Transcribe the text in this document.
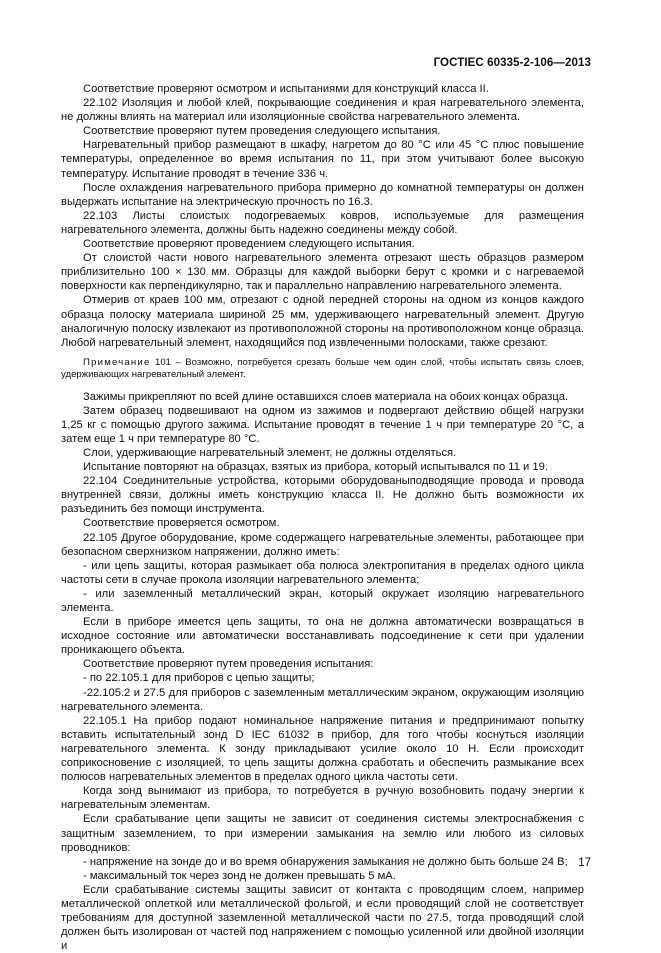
ГОСТIEC 60335-2-106—2013

Соответствие проверяют осмотром и испытаниями для конструкций класса II.

22.102 Изоляция и любой клей, покрывающие соединения и края нагревательного элемента, не должны влиять на материал или изоляционные свойства нагревательного элемента.

Соответствие проверяют путем проведения следующего испытания.

Нагревательный прибор размещают в шкафу, нагретом до 80 °С или 45 °С плюс повышение температуры, определенное во время испытания по 11, при этом учитывают более высокую температуру. Испытание проводят в течение 336 ч.

После охлаждения нагревательного прибора примерно до комнатной температуры он должен выдержать испытание на электрическую прочность по 16.3.

22.103 Листы слоистых подогреваемых ковров, используемые для размещения нагревательного элемента, должны быть надежно соединены между собой.

Соответствие проверяют проведением следующего испытания.

От слоистой части нового нагревательного элемента отрезают шесть образцов размером приблизительно 100 × 130 мм. Образцы для каждой выборки берут с кромки и с нагреваемой поверхности как перпендикулярно, так и параллельно направлению нагревательного элемента.

Отмерив от краев 100 мм, отрезают с одной передней стороны на одном из концов каждого образца полоску материала шириной 25 мм, удерживающего нагревательный элемент. Другую аналогичную полоску извлекают из противоположной стороны на противоположном конце образца. Любой нагревательный элемент, находящийся под извлеченными полосками, также срезают.

Примечание 101 – Возможно, потребуется срезать больше чем один слой, чтобы испытать связь слоев, удерживающих нагревательный элемент.

Зажимы прикрепляют по всей длине оставшихся слоев материала на обоих концах образца.

Затем образец подвешивают на одном из зажимов и подвергают действию общей нагрузки 1,25 кг с помощью другого зажима. Испытание проводят в течение 1 ч при температуре 20 °С, а затем еще 1 ч при температуре 80 °С.

Слои, удерживающие нагревательный элемент, не должны отделяться.

Испытание повторяют на образцах, взятых из прибора, который испытывался по 11 и 19.

22.104 Соединительные устройства, которыми оборудованыподводящие провода и провода внутренней связи, должны иметь конструкцию класса II. Не должно быть возможности их разъединить без помощи инструмента.

Соответствие проверяется осмотром.

22.105 Другое оборудование, кроме содержащего нагревательные элементы, работающее при безопасном сверхнизком напряжении, должно иметь:

- или цепь защиты, которая размыкает оба полюса электропитания в пределах одного цикла частоты сети в случае прокола изоляции нагревательного элемента;

- или заземленный металлический экран, который окружает изоляцию нагревательного элемента.

Если в приборе имеется цепь защиты, то она не должна автоматически возвращаться в исходное состояние или автоматически восстанавливать подсоединение к сети при удалении проникающего объекта.

Соответствие проверяют путем проведения испытания:

- по 22.105.1 для приборов с цепью защиты;

-22.105.2 и 27.5 для приборов с заземленным металлическим экраном, окружающим изоляцию нагревательного элемента.

22.105.1 На прибор подают номинальное напряжение питания и предпринимают попытку вставить испытательный зонд D IEC 61032 в прибор, для того чтобы коснуться изоляции нагревательного элемента. К зонду прикладывают усилие около 10 Н. Если происходит соприкосновение с изоляцией, то цепь защиты должна сработать и обеспечить размыкание всех полюсов нагревательных элементов в пределах одного цикла частоты сети.

Когда зонд вынимают из прибора, то потребуется в ручную возобновить подачу энергии к нагревательным элементам.

Если срабатывание цепи защиты не зависит от соединения системы электроснабжения с защитным заземлением, то при измерении замыкания на землю или любого из силовых проводников:

- напряжение на зонде до и во время обнаружения замыкания не должно быть больше 24 В;

- максимальный ток через зонд не должен превышать 5 мА.

Если срабатывание системы защиты зависит от контакта с проводящим слоем, например металлической оплеткой или металлической фольгой, и если проводящий слой не соответствует требованиям для доступной заземленной металлической части по 27.5, тогда проводящий слой должен быть изолирован от частей под напряжением с помощью усиленной или двойной изоляции и

17
